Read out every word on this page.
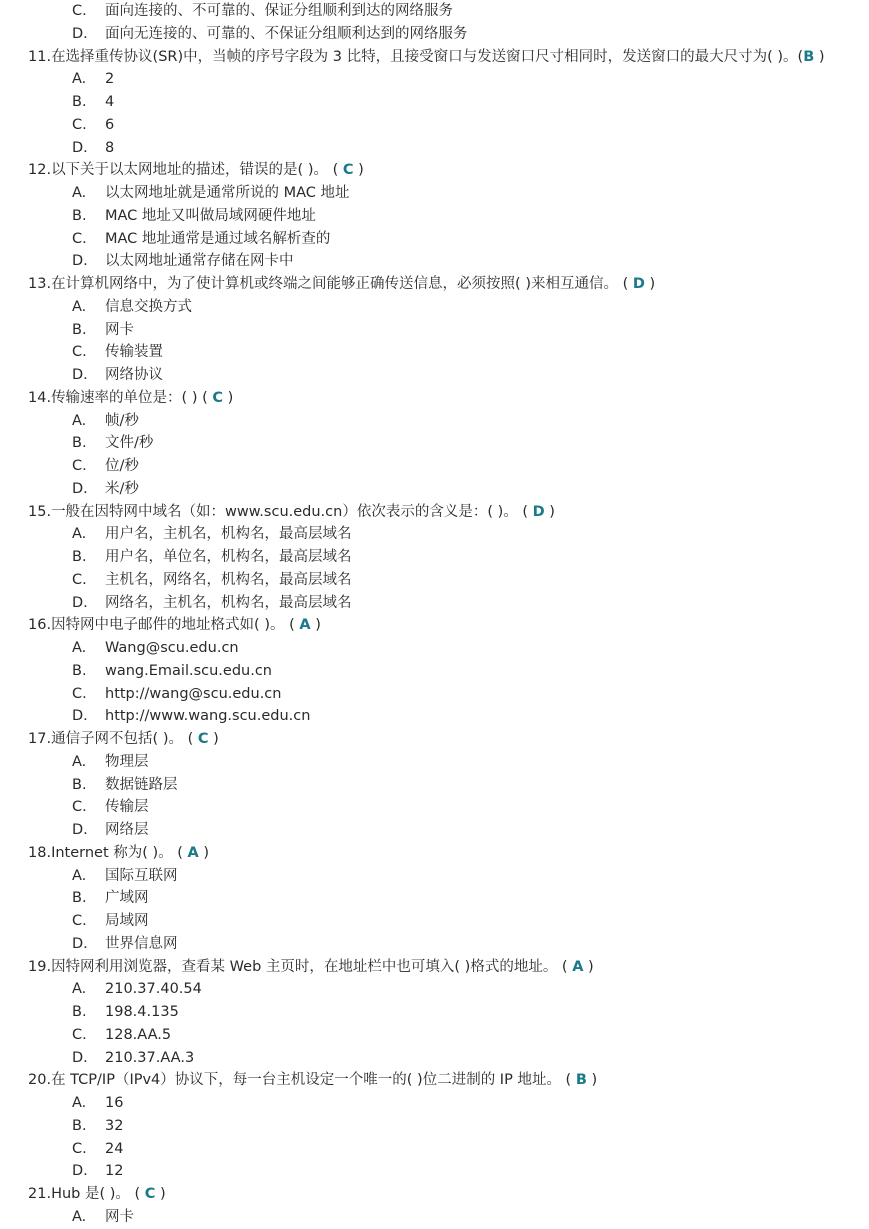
C. 面向连接的、不可靠的、保证分组顺利到达的网络服务
D. 面向无连接的、可靠的、不保证分组顺利达到的网络服务
11.在选择重传协议(SR)中，当帧的序号字段为 3 比特，且接受窗口与发送窗口尺寸相同时，发送窗口的最大尺寸为( )。(B )
A. 2
B. 4
C. 6
D. 8
12.以下关于以太网地址的描述，错误的是( )。 ( C )
A. 以太网地址就是通常所说的 MAC 地址
B. MAC 地址又叫做局域网硬件地址
C. MAC 地址通常是通过域名解析查的
D. 以太网地址通常存储在网卡中
13.在计算机网络中，为了使计算机或终端之间能够正确传送信息，必须按照( )来相互通信。 ( D )
A. 信息交换方式
B. 网卡
C. 传输装置
D. 网络协议
14.传输速率的单位是：( ) ( C )
A. 帧/秒
B. 文件/秒
C. 位/秒
D. 米/秒
15.一般在因特网中域名（如：www.scu.edu.cn）依次表示的含义是：( )。 ( D )
A. 用户名，主机名，机构名，最高层域名
B. 用户名，单位名，机构名，最高层域名
C. 主机名，网络名，机构名，最高层域名
D. 网络名，主机名，机构名，最高层域名
16.因特网中电子邮件的地址格式如( )。 ( A )
A. Wang@scu.edu.cn
B. wang.Email.scu.edu.cn
C. http://wang@scu.edu.cn
D. http://www.wang.scu.edu.cn
17.通信子网不包括( )。 ( C )
A. 物理层
B. 数据链路层
C. 传输层
D. 网络层
18.Internet 称为( )。 ( A )
A. 国际互联网
B. 广域网
C. 局域网
D. 世界信息网
19.因特网利用浏览器，查看某 Web 主页时，在地址栏中也可填入( )格式的地址。 ( A )
A. 210.37.40.54
B. 198.4.135
C. 128.AA.5
D. 210.37.AA.3
20.在 TCP/IP（IPv4）协议下，每一台主机设定一个唯一的( )位二进制的 IP 地址。 ( B )
A. 16
B. 32
C. 24
D. 12
21.Hub 是( )。 ( C )
A. 网卡
